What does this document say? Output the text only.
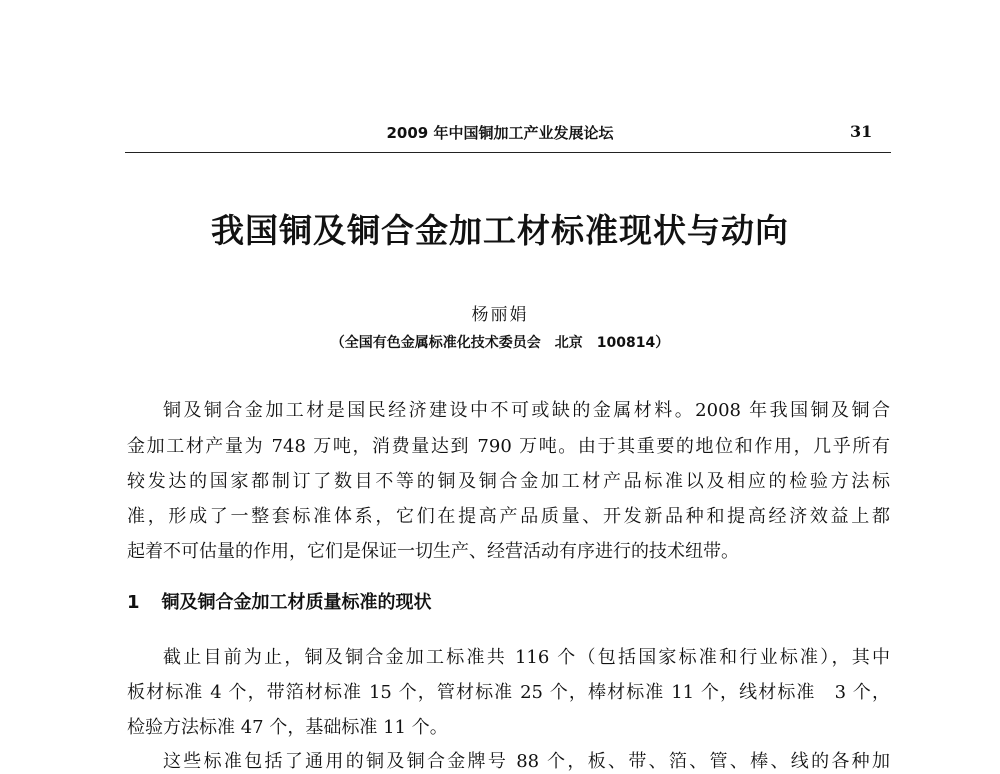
2009 年中国铜加工产业发展论坛	31
我国铜及铜合金加工材标准现状与动向
杨丽娟
（全国有色金属标准化技术委员会　北京　100814）
铜及铜合金加工材是国民经济建设中不可或缺的金属材料。2008 年我国铜及铜合
金加工材产量为 748 万吨，消费量达到 790 万吨。由于其重要的地位和作用，几乎所有
较发达的国家都制订了数目不等的铜及铜合金加工材产品标准以及相应的检验方法标
准，形成了一整套标准体系，它们在提高产品质量、开发新品种和提高经济效益上都
起着不可估量的作用，它们是保证一切生产、经营活动有序进行的技术纽带。
1 铜及铜合金加工材质量标准的现状
截止目前为止，铜及铜合金加工标准共 116 个（包括国家标准和行业标准），其中
板材标准 4 个，带箔材标准 15 个，管材标准 25 个，棒材标准 11 个，线材标准　3 个，
检验方法标准 47 个，基础标准 11 个。
这些标准包括了通用的铜及铜合金牌号 88 个，板、带、箔、管、棒、线的各种加
